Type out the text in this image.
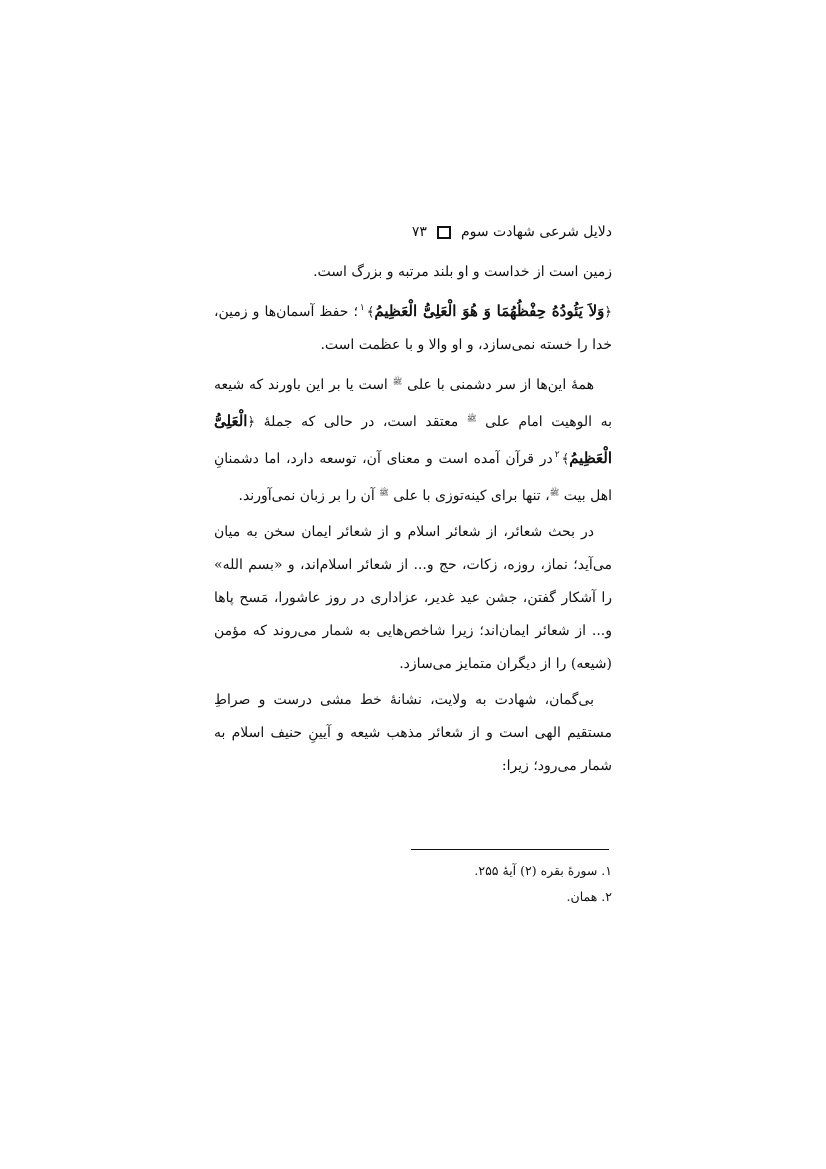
دلایل شرعی شهادت سوم
۷۳

زمین است از خداست و او بلند مرتبه و بزرگ است.

﴿وَلاَ یَئُودُهُ حِفْظُهُمَا وَ هُوَ الْعَلِیُّ الْعَظِیمُ﴾$^۱$؛ حفظ آسمان‌ها و زمین، خدا را خسته نمی‌سازد، و او والا و با عظمت است.

همهٔ این‌ها از سر دشمنی با علی $^ﷺ$ است یا بر این باورند که شیعه به الوهیت امام علی $^ﷺ$ معتقد است، در حالی که جملهٔ ﴿الْعَلِیُّ الْعَظِیمُ﴾$^۲$در قرآن آمده است و معنای آن، توسعه دارد، اما دشمنانِ اهل بیت $^ﷺ$، تنها برای کینه‌توزی با علی $^ﷺ$ آن را بر زبان نمی‌آورند.

در بحث شعائر، از شعائر اسلام و از شعائر ایمان سخن به میان می‌آید؛ نماز، روزه، زکات، حج و... از شعائر اسلام‌اند، و «بسم الله» را آشکار گفتن، جشن عید غدیر، عزاداری در روز عاشورا، مَسح پاها و... از شعائر ایمان‌اند؛ زیرا شاخص‌هایی به شمار می‌روند که مؤمن (شیعه) را از دیگران متمایز می‌سازد.

بی‌گمان، شهادت به ولایت، نشانهٔ خط مشی درست و صراطِ مستقیم الهی است و از شعائر مذهب شیعه و آیینِ حنیف اسلام به شمار می‌رود؛ زیرا:

۱. سورهٔ بقره (۲) آیهٔ ۲۵۵.
۲. همان.
